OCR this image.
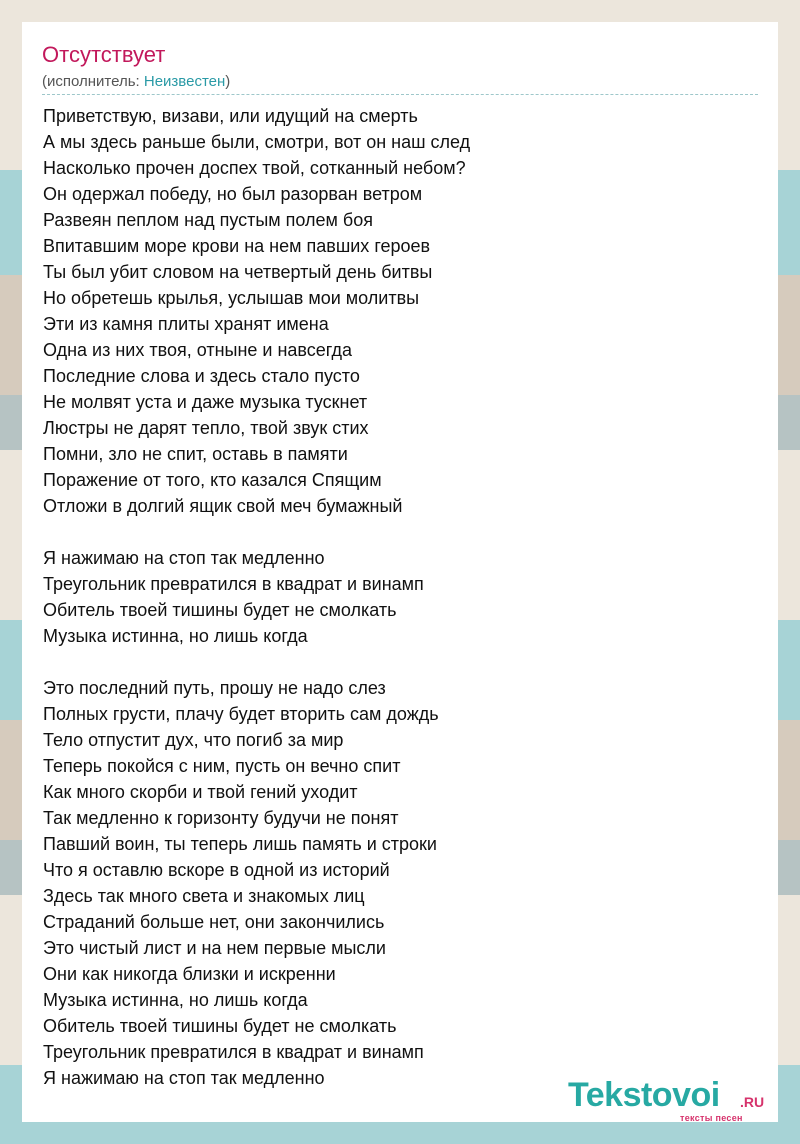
Отсутствует
(исполнитель: Неизвестен)
Приветствую, визави, или идущий на смерть
А мы здесь раньше были, смотри, вот он наш след
Насколько прочен доспех твой, сотканный небом?
Он одержал победу, но был разорван ветром
Развеян пеплом над пустым полем боя
Впитавшим море крови на нем павших героев
Ты был убит словом на четвертый день битвы
Но обретешь крылья, услышав мои молитвы
Эти из камня плиты хранят имена
Одна из них твоя, отныне и навсегда
Последние слова и здесь стало пусто
Не молвят уста и даже музыка тускнет
Люстры не дарят тепло, твой звук стих
Помни, зло не спит, оставь в памяти
Поражение от того, кто казался Спящим
Отложи в долгий ящик свой меч бумажный
Я нажимаю на стоп так медленно
Треугольник превратился в квадрат и винамп
Обитель твоей тишины будет не смолкать
Музыка истинна, но лишь когда
Это последний путь, прошу не надо слез
Полных грусти, плачу будет вторить сам дождь
Тело отпустит дух, что погиб за мир
Теперь покойся с ним, пусть он вечно спит
Как много скорби и твой гений уходит
Так медленно к горизонту будучи не понят
Павший воин, ты теперь лишь память и строки
Что я оставлю вскоре в одной из историй
Здесь так много света и знакомых лиц
Страданий больше нет, они закончились
Это чистый лист и на нем первые мысли
Они как никогда близки и искренни
Музыка истинна, но лишь когда
Обитель твоей тишины будет не смолкать
Треугольник превратился в квадрат и винамп
Я нажимаю на стоп так медленно	Tekstovoi .RU
тексты песен
